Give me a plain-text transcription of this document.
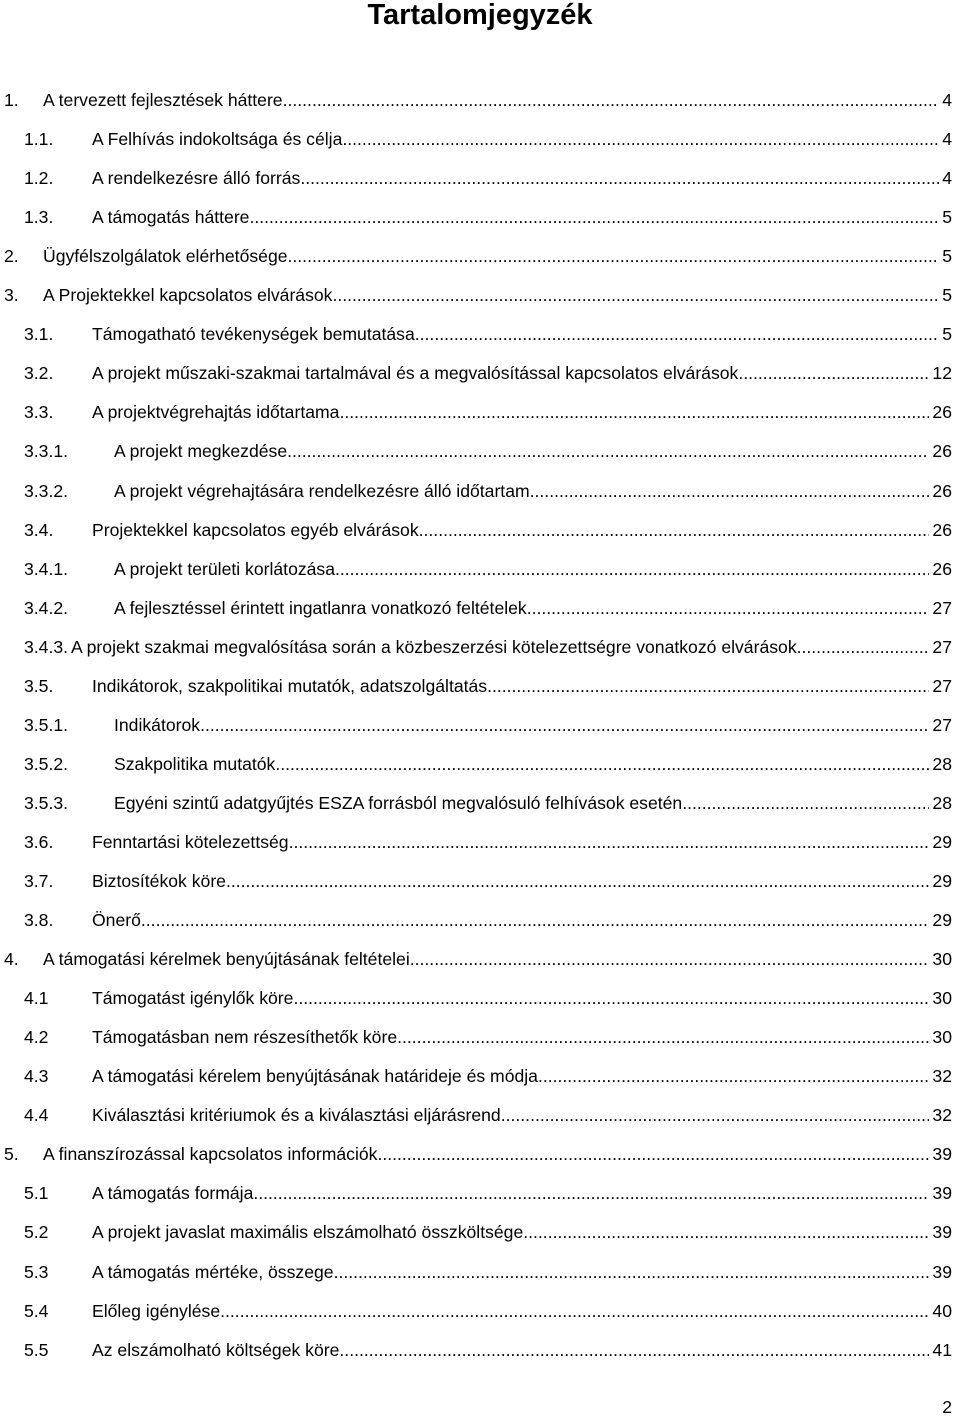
Tartalomjegyzék
1.	A tervezett fejlesztések háttere .....	4
1.1.	A Felhívás indokoltsága és célja .....	4
1.2.	A rendelkezésre álló forrás .....	4
1.3.	A támogatás háttere .....	5
2.	Ügyfélszolgálatok elérhetősége .....	5
3.	A Projektekkel kapcsolatos elvárások .....	5
3.1.	Támogatható tevékenységek bemutatása .....	5
3.2.	A projekt műszaki-szakmai tartalmával és a megvalósítással kapcsolatos elvárások .....	12
3.3.	A projektvégrehajtás időtartama .....	26
3.3.1.	A projekt megkezdése .....	26
3.3.2.	A projekt végrehajtására rendelkezésre álló időtartam .....	26
3.4.	Projektekkel kapcsolatos egyéb elvárások .....	26
3.4.1.	A projekt területi korlátozása .....	26
3.4.2.	A fejlesztéssel érintett ingatlanra vonatkozó feltételek .....	27
3.4.3. A projekt szakmai megvalósítása során a közbeszerzési kötelezettségre vonatkozó elvárások .....	27
3.5.	Indikátorok, szakpolitikai mutatók, adatszolgáltatás .....	27
3.5.1.	Indikátorok .....	27
3.5.2.	Szakpolitika mutatók .....	28
3.5.3.	Egyéni szintű adatgyűjtés ESZA forrásból megvalósuló felhívások esetén .....	28
3.6.	Fenntartási kötelezettség .....	29
3.7.	Biztosítékok köre .....	29
3.8.	Önerő .....	29
4.	A támogatási kérelmek benyújtásának feltételei .....	30
4.1	Támogatást igénylők köre .....	30
4.2	Támogatásban nem részesíthetők köre .....	30
4.3	A támogatási kérelem benyújtásának határideje és módja .....	32
4.4	Kiválasztási kritériumok és a kiválasztási eljárásrend .....	32
5.	A finanszírozással kapcsolatos információk .....	39
5.1	A támogatás formája .....	39
5.2	A projekt javaslat maximális elszámolható összköltsége .....	39
5.3	A támogatás mértéke, összege .....	39
5.4	Előleg igénylése .....	40
5.5	Az elszámolható költségek köre .....	41
2
